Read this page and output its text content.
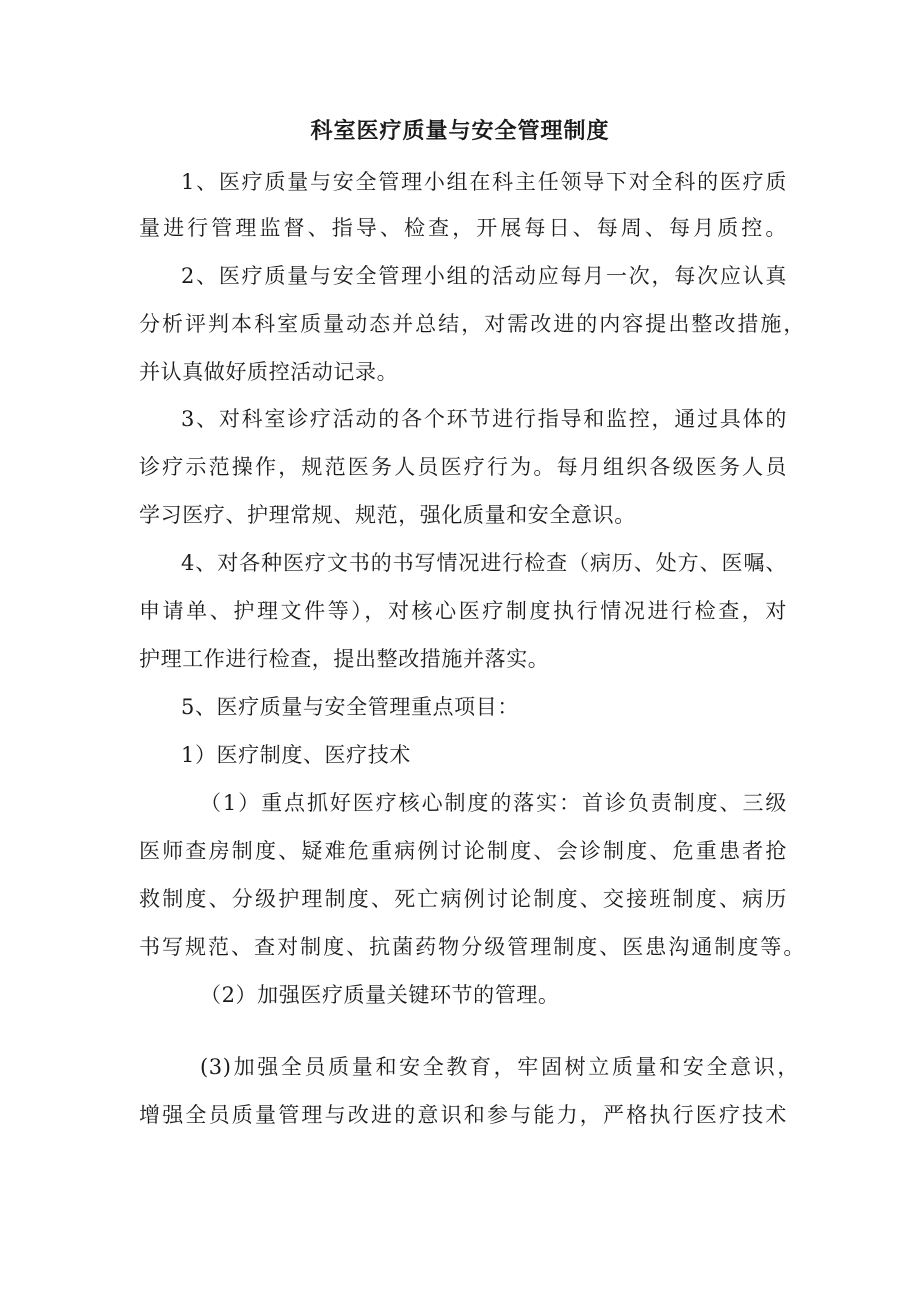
科室医疗质量与安全管理制度
1、医疗质量与安全管理小组在科主任领导下对全科的医疗质
量进行管理监督、指导、检查，开展每日、每周、每月质控。
2、医疗质量与安全管理小组的活动应每月一次，每次应认真
分析评判本科室质量动态并总结，对需改进的内容提出整改措施，
并认真做好质控活动记录。
3、对科室诊疗活动的各个环节进行指导和监控，通过具体的
诊疗示范操作，规范医务人员医疗行为。每月组织各级医务人员
学习医疗、护理常规、规范，强化质量和安全意识。
4、对各种医疗文书的书写情况进行检查（病历、处方、医嘱、
申请单、护理文件等），对核心医疗制度执行情况进行检查，对
护理工作进行检查，提出整改措施并落实。
5、医疗质量与安全管理重点项目：
1）医疗制度、医疗技术
（1）重点抓好医疗核心制度的落实：首诊负责制度、三级
医师查房制度、疑难危重病例讨论制度、会诊制度、危重患者抢
救制度、分级护理制度、死亡病例讨论制度、交接班制度、病历
书写规范、查对制度、抗菌药物分级管理制度、医患沟通制度等。
（2）加强医疗质量关键环节的管理。
(3)加强全员质量和安全教育，牢固树立质量和安全意识，
增强全员质量管理与改进的意识和参与能力，严格执行医疗技术
